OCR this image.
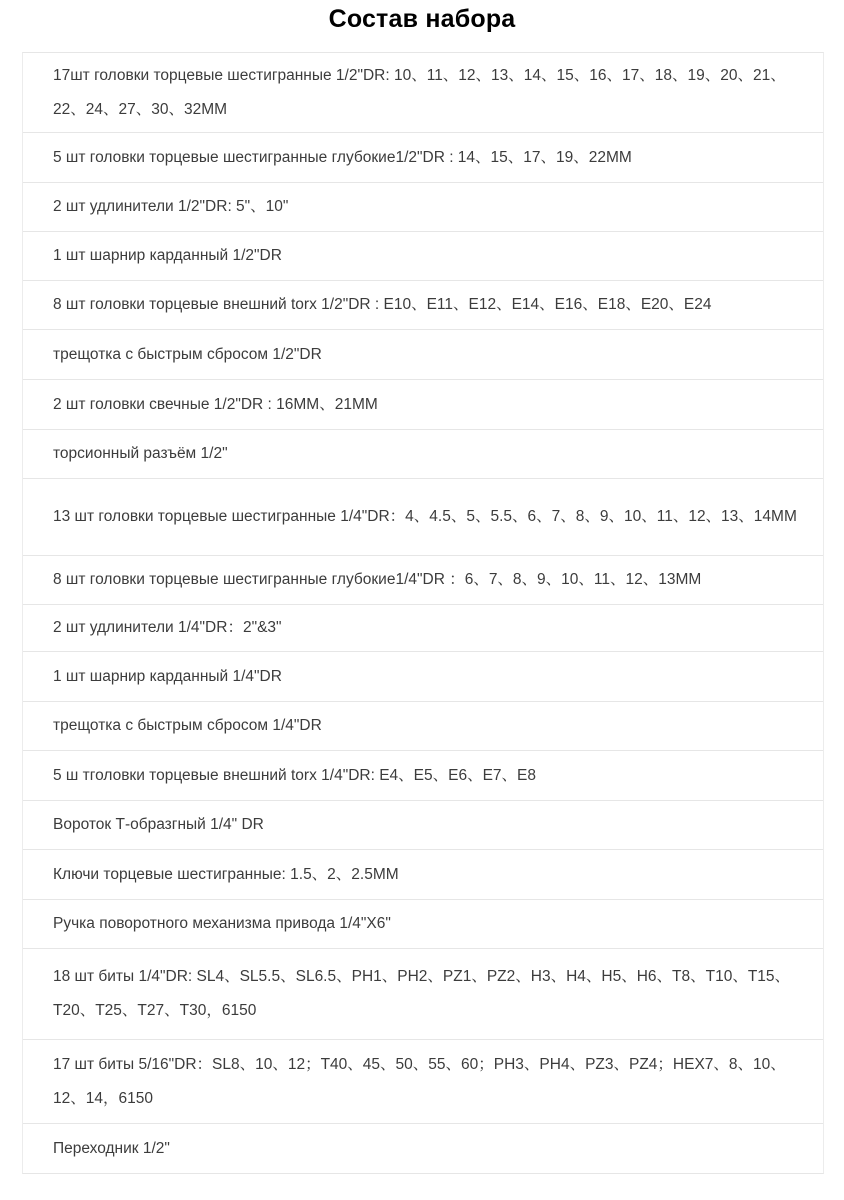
Состав набора
17шт головки торцевые шестигранные 1/2"DR: 10、11、12、13、14、15、16、17、18、19、20、21、22、24、27、30、32MM
5 шт головки торцевые шестигранные глубокие1/2"DR : 14、15、17、19、22MM
2 шт удлинители 1/2"DR: 5"、10"
1 шт шарнир карданный 1/2"DR
8 шт головки торцевые внешний torx 1/2"DR : E10、E11、E12、E14、E16、E18、E20、E24
трещотка с быстрым сбросом 1/2"DR
2 шт головки свечные 1/2"DR : 16MM、21MM
торсионный разъём 1/2"
13 шт головки торцевые шестигранные 1/4"DR：4、4.5、5、5.5、6、7、8、9、10、11、12、13、14MM
8 шт головки торцевые шестигранные глубокие1/4"DR ：6、7、8、9、10、11、12、13MM
2 шт удлинители 1/4"DR：2"&3"
1 шт шарнир карданный 1/4"DR
трещотка с быстрым сбросом 1/4"DR
5 ш тголовки торцевые внешний torx 1/4"DR: E4、E5、E6、E7、E8
Вороток Т-образгный 1/4" DR
Ключи торцевые шестигранные: 1.5、2、2.5MM
Ручка поворотного механизма привода 1/4"X6"
18 шт биты 1/4"DR: SL4、SL5.5、SL6.5、PH1、PH2、PZ1、PZ2、H3、H4、H5、H6、T8、T10、T15、T20、T25、T27、T30，6150
17 шт биты 5/16"DR：SL8、10、12；T40、45、50、55、60；PH3、PH4、PZ3、PZ4；HEX7、8、10、12、14，6150
Переходник 1/2"
